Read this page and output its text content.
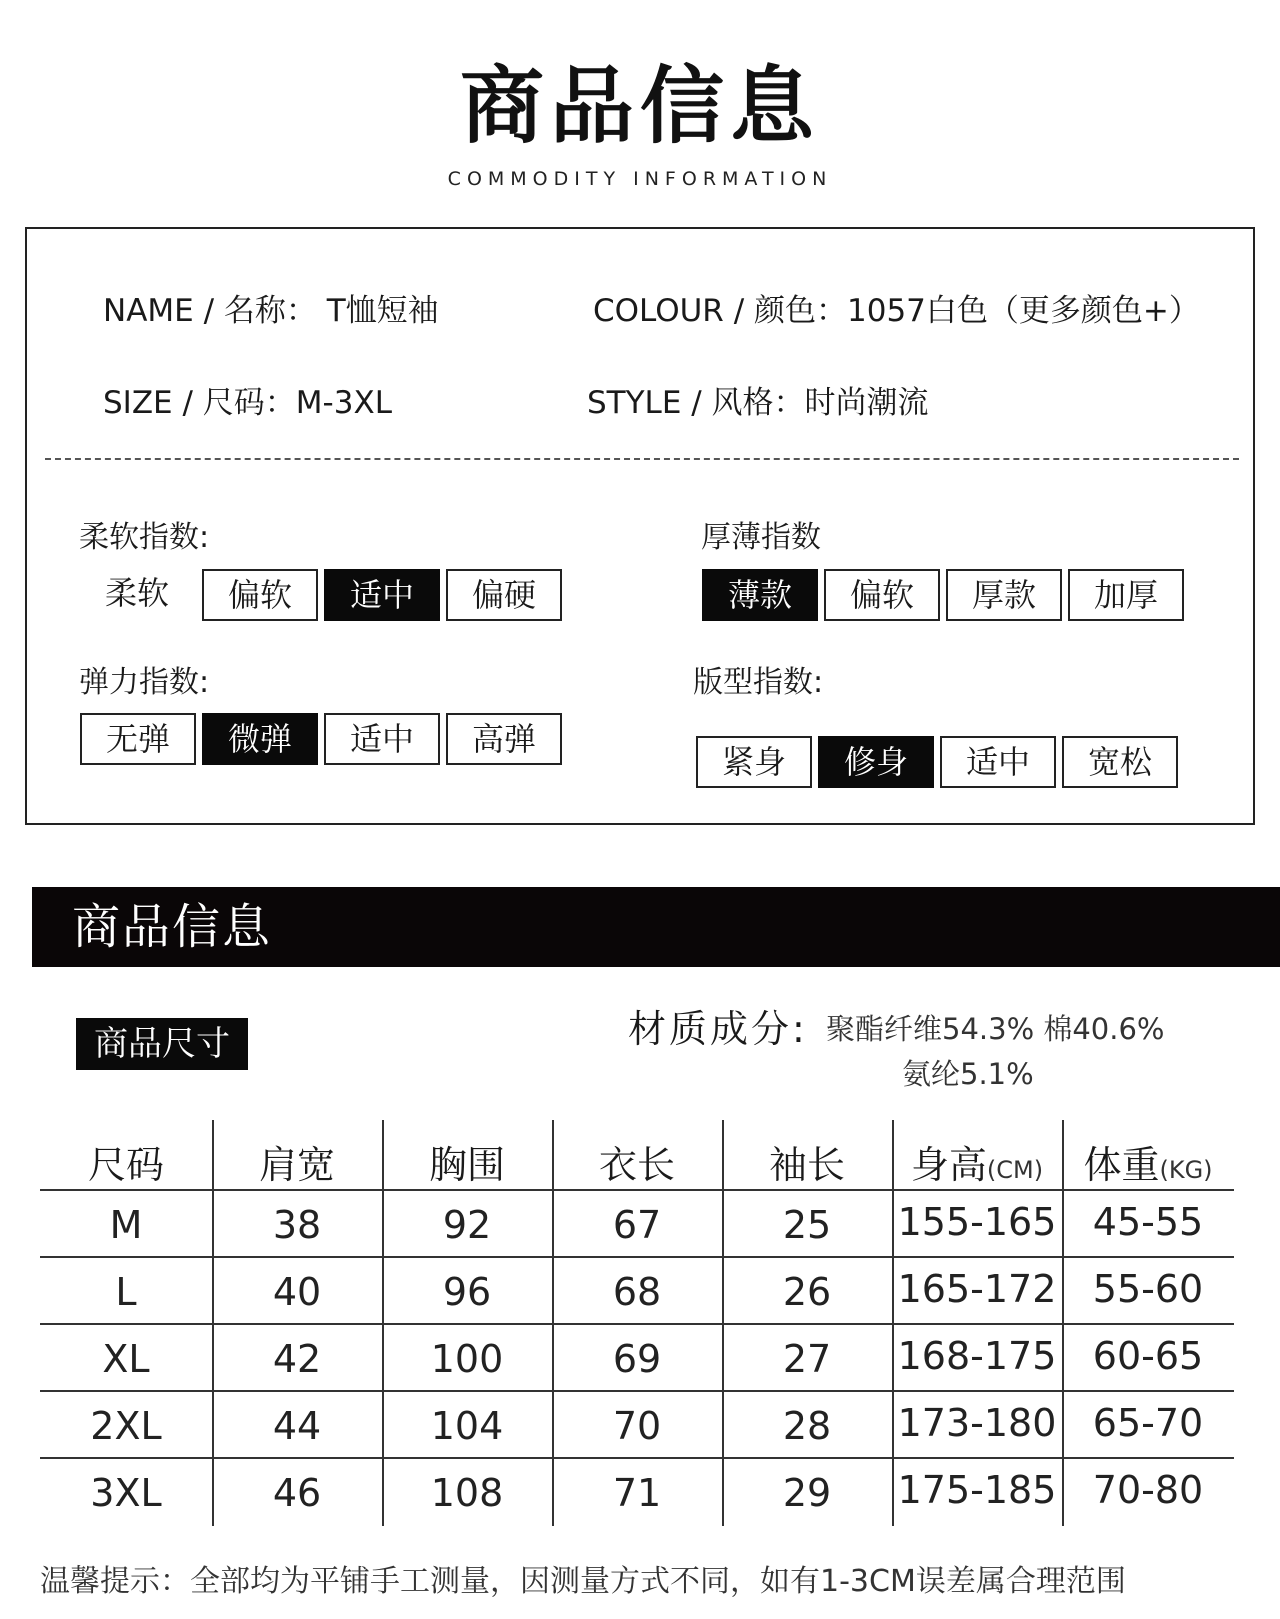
商品信息
COMMODITY INFORMATION
NAME / 名称： T恤短袖	COLOUR / 颜色：1057白色（更多颜色+）
SIZE / 尺码：M-3XL	STYLE / 风格：时尚潮流
柔软指数:
柔软	偏软	适中	偏硬
厚薄指数
薄款	偏软	厚款	加厚
弹力指数:
无弹	微弹	适中	高弹
版型指数:
紧身	修身	适中	宽松
商品信息
商品尺寸	材质成分: 聚酯纤维54.3% 棉40.6%
氨纶5.1%
尺码	肩宽	胸围	衣长	袖长	身高(CM)	体重(KG)
M	38	92	67	25	155-165 45-55
L	40	96	68	26	165-172 55-60
XL	42	100	69	27	168-175 60-65
2XL	44	104	70	28	173-180 65-70
3XL	46	108	71	29	175-185 70-80
温馨提示：全部均为平铺手工测量，因测量方式不同，如有1-3CM误差属合理范围
